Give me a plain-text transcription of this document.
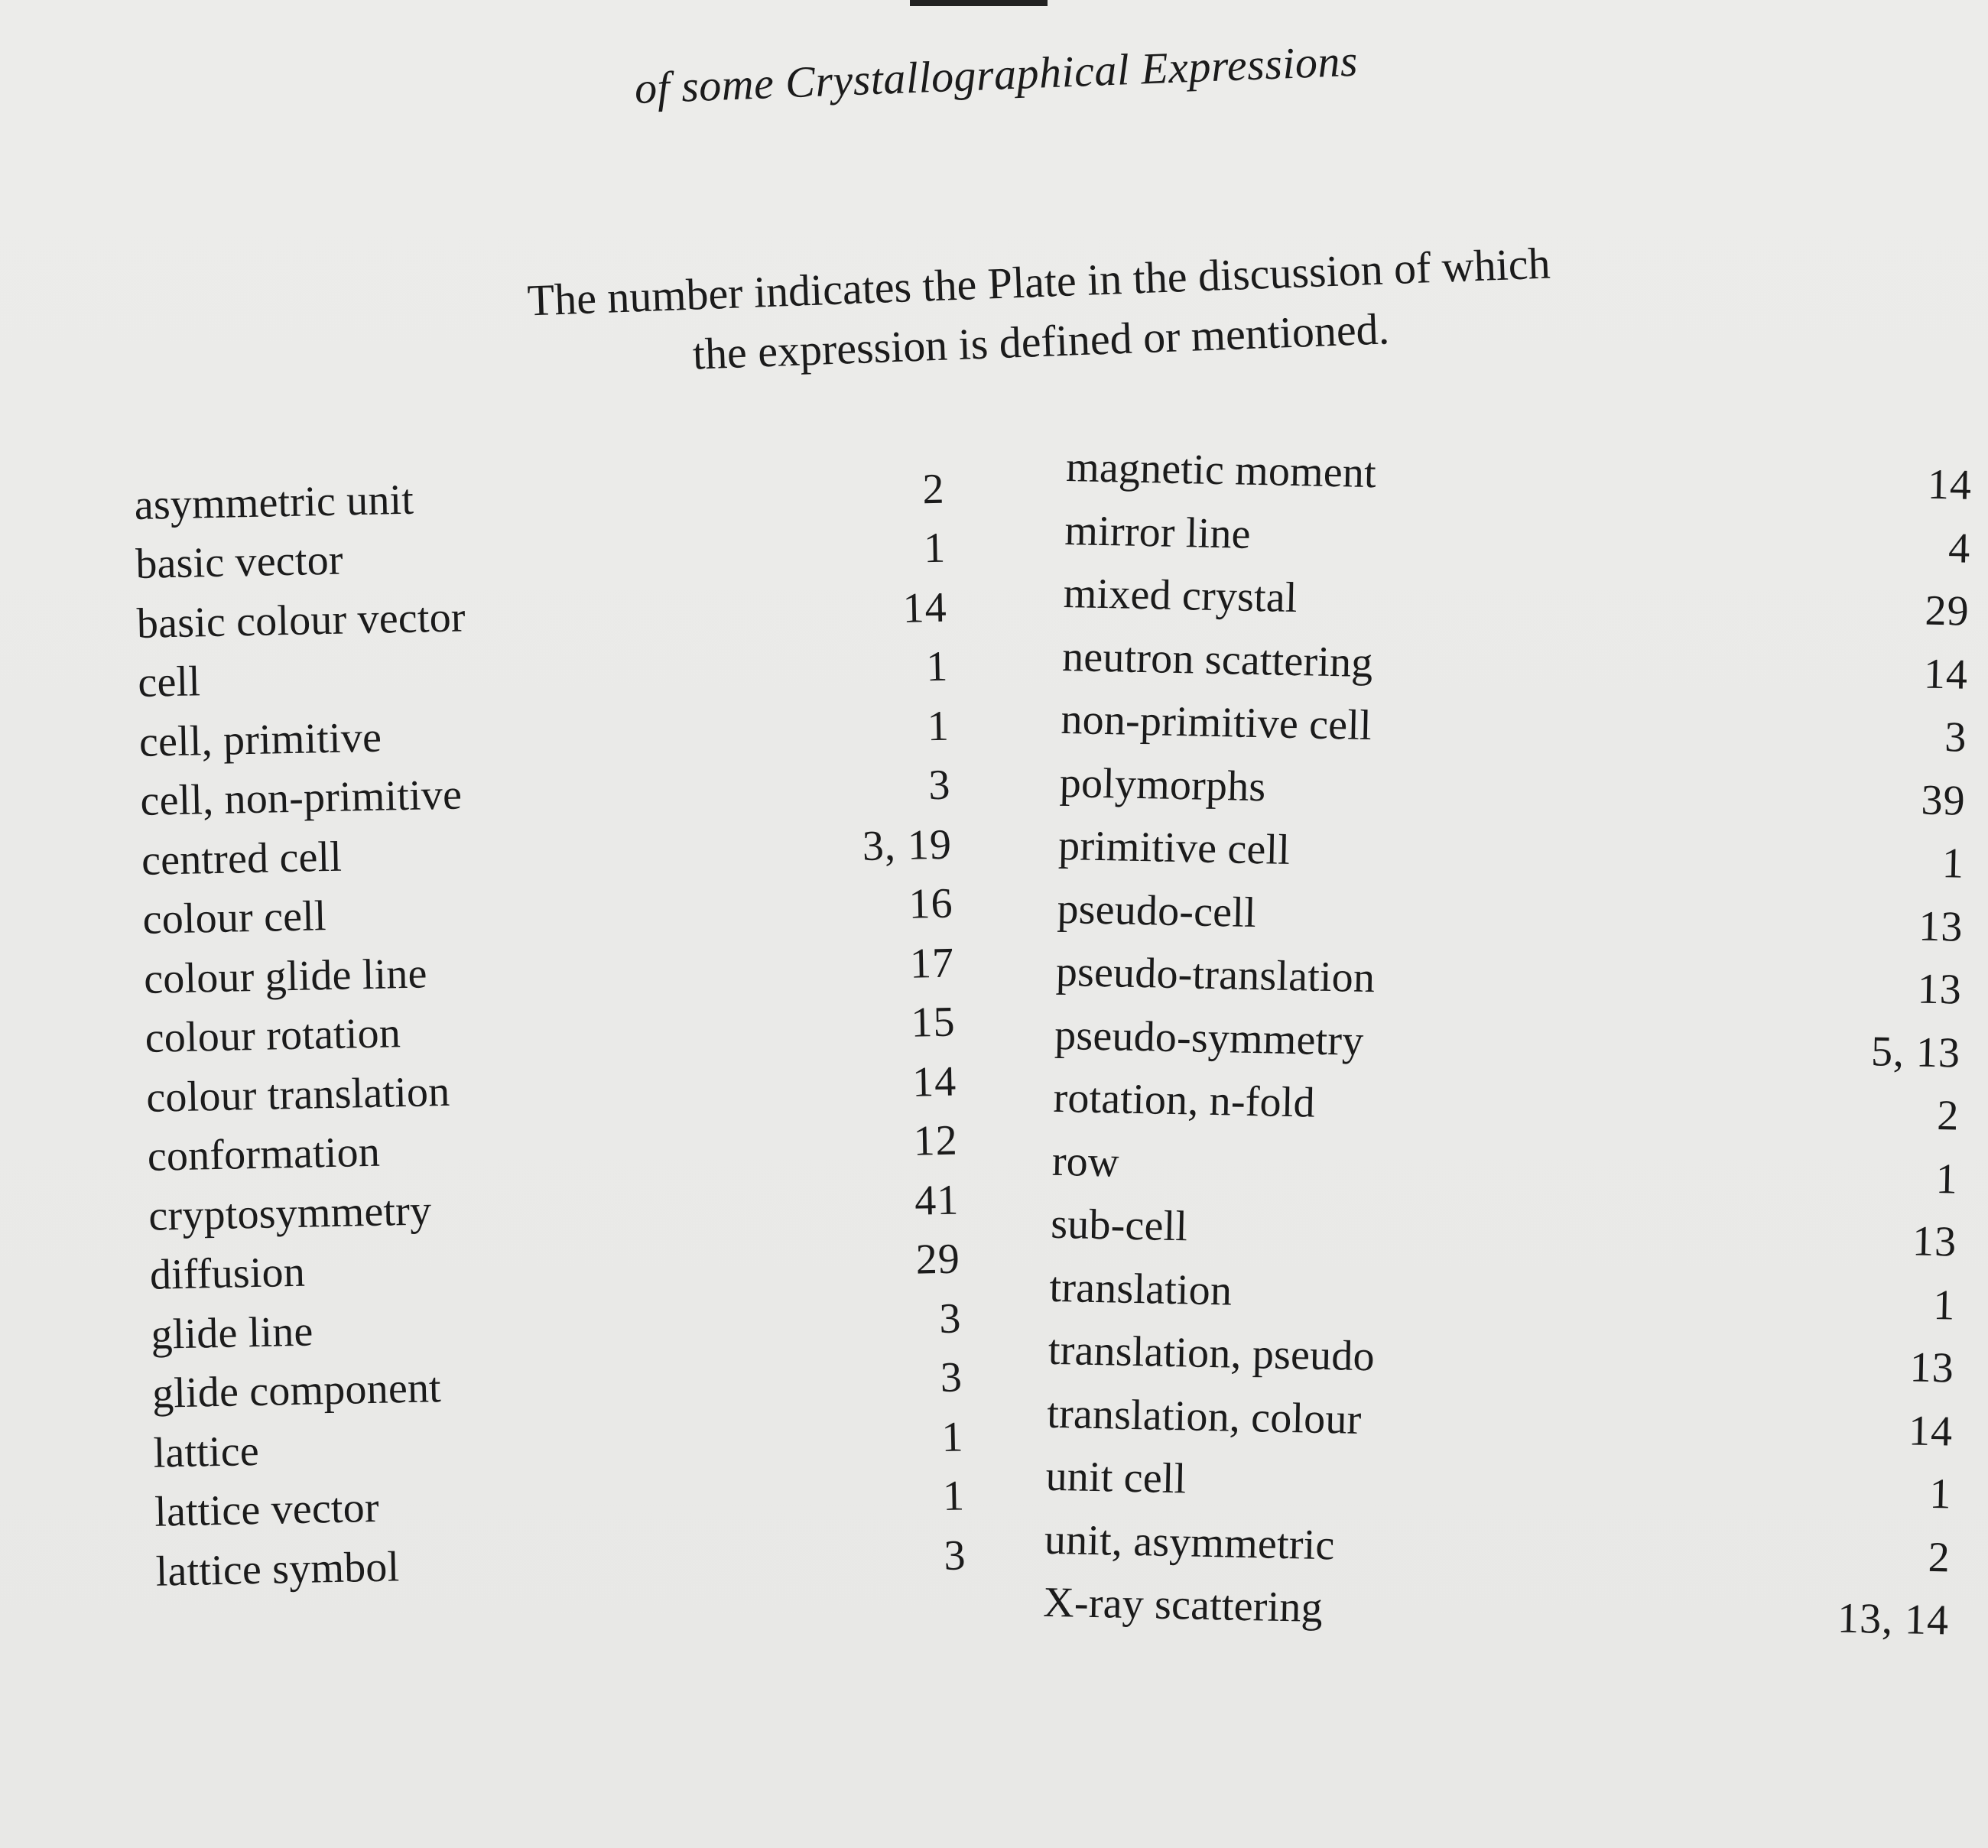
of some Crystallographical Expressions
The number indicates the Plate in the discussion of which
the expression is defined or mentioned.
asymmetric unit	2
basic vector	1
basic colour vector	14
cell	1
cell, primitive	1
cell, non-primitive	3
centred cell	3, 19
colour cell	16
colour glide line	17
colour rotation	15
colour translation	14
conformation	12
cryptosymmetry	41
diffusion	29
glide line	3
glide component	3
lattice	1
lattice vector	1
lattice symbol	3
magnetic moment	14
mirror line	4
mixed crystal	29
neutron scattering	14
non-primitive cell	3
polymorphs	39
primitive cell	1
pseudo-cell	13
pseudo-translation	13
pseudo-symmetry	5, 13
rotation, n-fold	2
row	1
sub-cell	13
translation	1
translation, pseudo	13
translation, colour	14
unit cell	1
unit, asymmetric	2
X-ray scattering	13, 14
